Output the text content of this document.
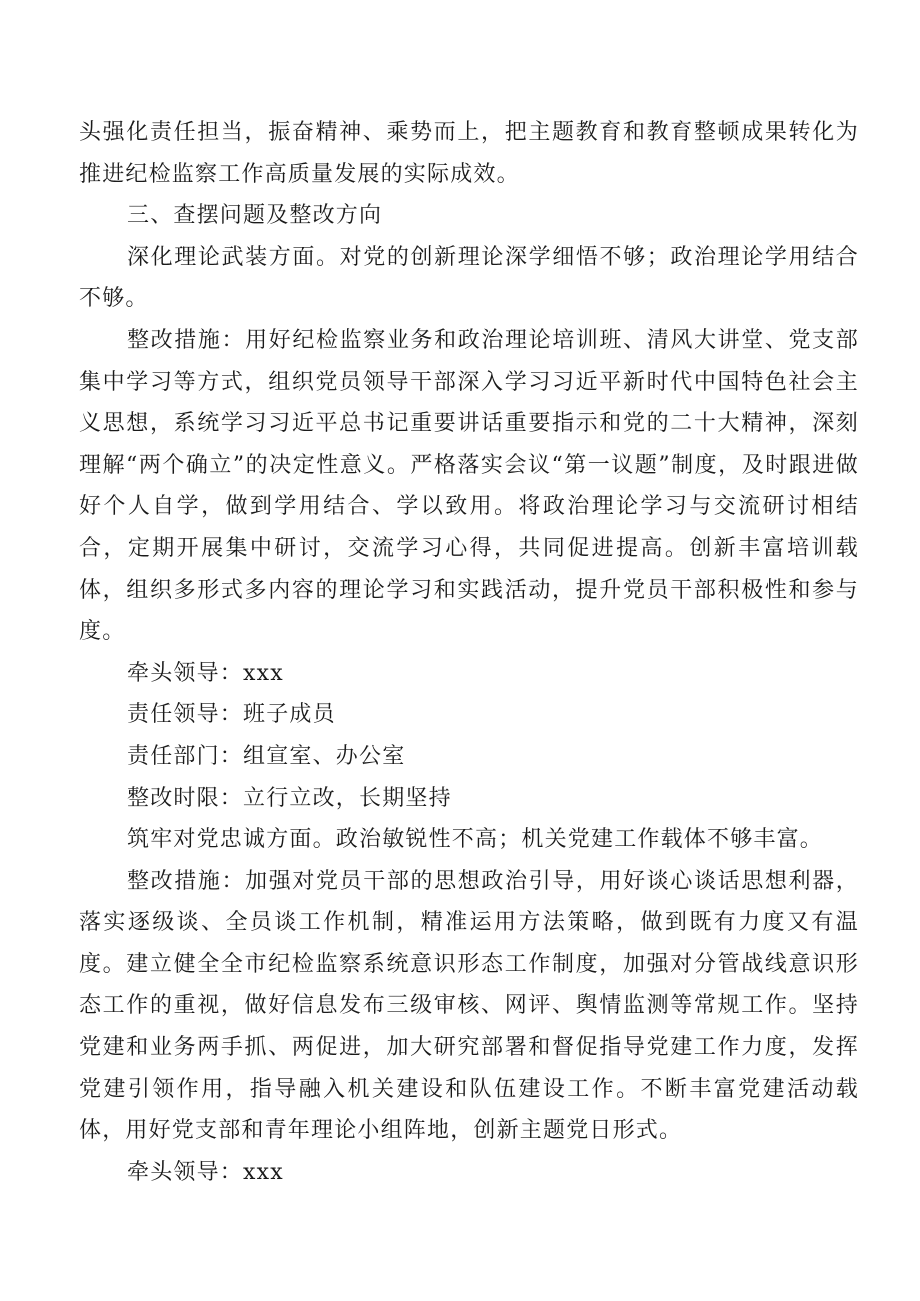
头强化责任担当，振奋精神、乘势而上，把主题教育和教育整顿成果转化为推进纪检监察工作高质量发展的实际成效。

三、查摆问题及整改方向

深化理论武装方面。对党的创新理论深学细悟不够；政治理论学用结合不够。

整改措施：用好纪检监察业务和政治理论培训班、清风大讲堂、党支部集中学习等方式，组织党员领导干部深入学习习近平新时代中国特色社会主义思想，系统学习习近平总书记重要讲话重要指示和党的二十大精神，深刻理解“两个确立”的决定性意义。严格落实会议“第一议题”制度，及时跟进做好个人自学，做到学用结合、学以致用。将政治理论学习与交流研讨相结合，定期开展集中研讨，交流学习心得，共同促进提高。创新丰富培训载体，组织多形式多内容的理论学习和实践活动，提升党员干部积极性和参与度。

牵头领导：xxx

责任领导：班子成员

责任部门：组宣室、办公室

整改时限：立行立改，长期坚持

筑牢对党忠诚方面。政治敏锐性不高；机关党建工作载体不够丰富。

整改措施：加强对党员干部的思想政治引导，用好谈心谈话思想利器，落实逐级谈、全员谈工作机制，精准运用方法策略，做到既有力度又有温度。建立健全全市纪检监察系统意识形态工作制度，加强对分管战线意识形态工作的重视，做好信息发布三级审核、网评、舆情监测等常规工作。坚持党建和业务两手抓、两促进，加大研究部署和督促指导党建工作力度，发挥党建引领作用，指导融入机关建设和队伍建设工作。不断丰富党建活动载体，用好党支部和青年理论小组阵地，创新主题党日形式。

牵头领导：xxx
